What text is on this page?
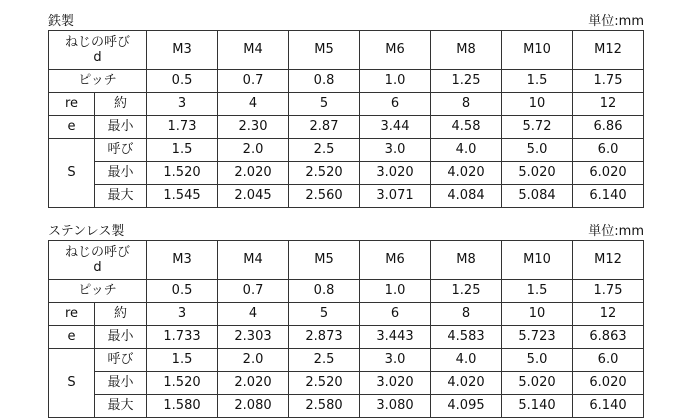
鉄製	単位:mm
ねじの呼び
d		M3	M4	M5	M6	M8	M10	M12
ピッチ		0.5	0.7	0.8	1.0	1.25	1.5	1.75
re	約	3	4	5	6	8	10	12
e	最小	1.73	2.30	2.87	3.44	4.58	5.72	6.86
S	呼び	1.5	2.0	2.5	3.0	4.0	5.0	6.0
	最小	1.520	2.020	2.520	3.020	4.020	5.020	6.020
	最大	1.545	2.045	2.560	3.071	4.084	5.084	6.140
ステンレス製	単位:mm
ねじの呼び
d		M3	M4	M5	M6	M8	M10	M12
ピッチ		0.5	0.7	0.8	1.0	1.25	1.5	1.75
re	約	3	4	5	6	8	10	12
e	最小	1.733	2.303	2.873	3.443	4.583	5.723	6.863
S	呼び	1.5	2.0	2.5	3.0	4.0	5.0	6.0
	最小	1.520	2.020	2.520	3.020	4.020	5.020	6.020
	最大	1.580	2.080	2.580	3.080	4.095	5.140	6.140
